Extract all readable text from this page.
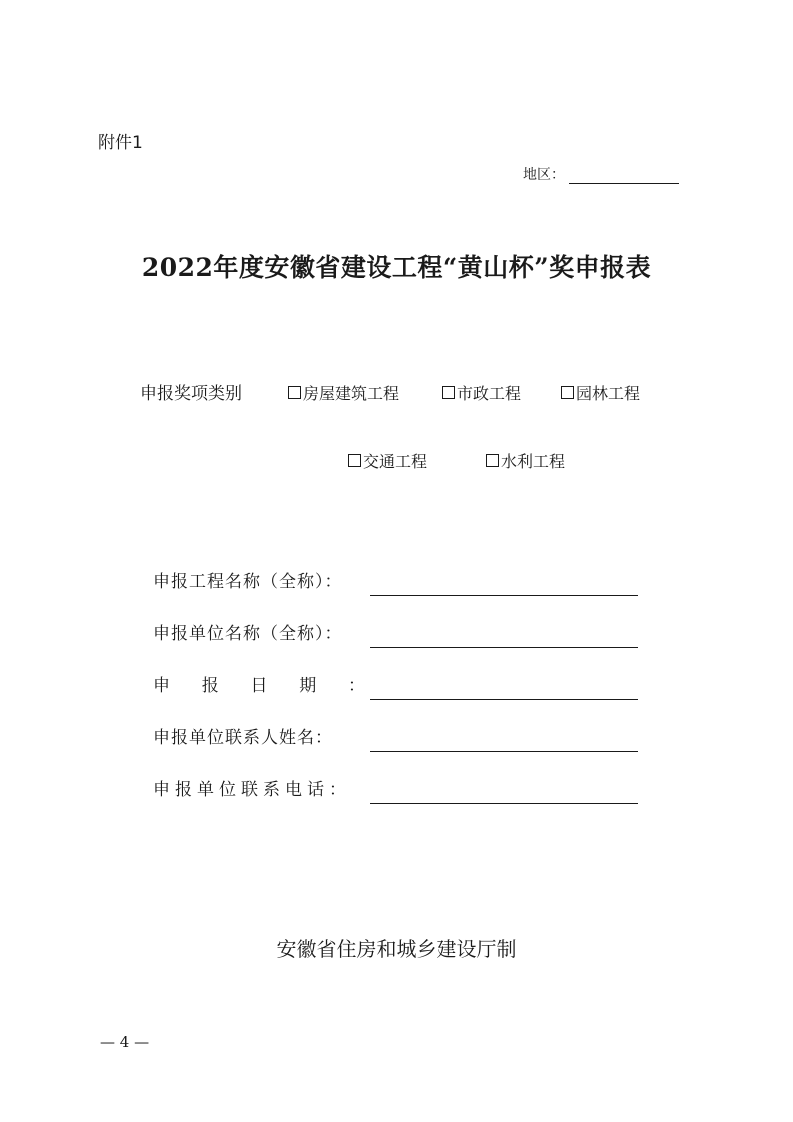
附件1
地区：
2022年度安徽省建设工程“黄山杯”奖申报表
申报奖项类别	房屋建筑工程	市政工程	园林工程
交通工程	水利工程
申报工程名称（全称）：
申报单位名称（全称）：
申 报 日 期 ：
申报单位联系人姓名：
申报单位联系电话：
安徽省住房和城乡建设厅制
— 4 —
